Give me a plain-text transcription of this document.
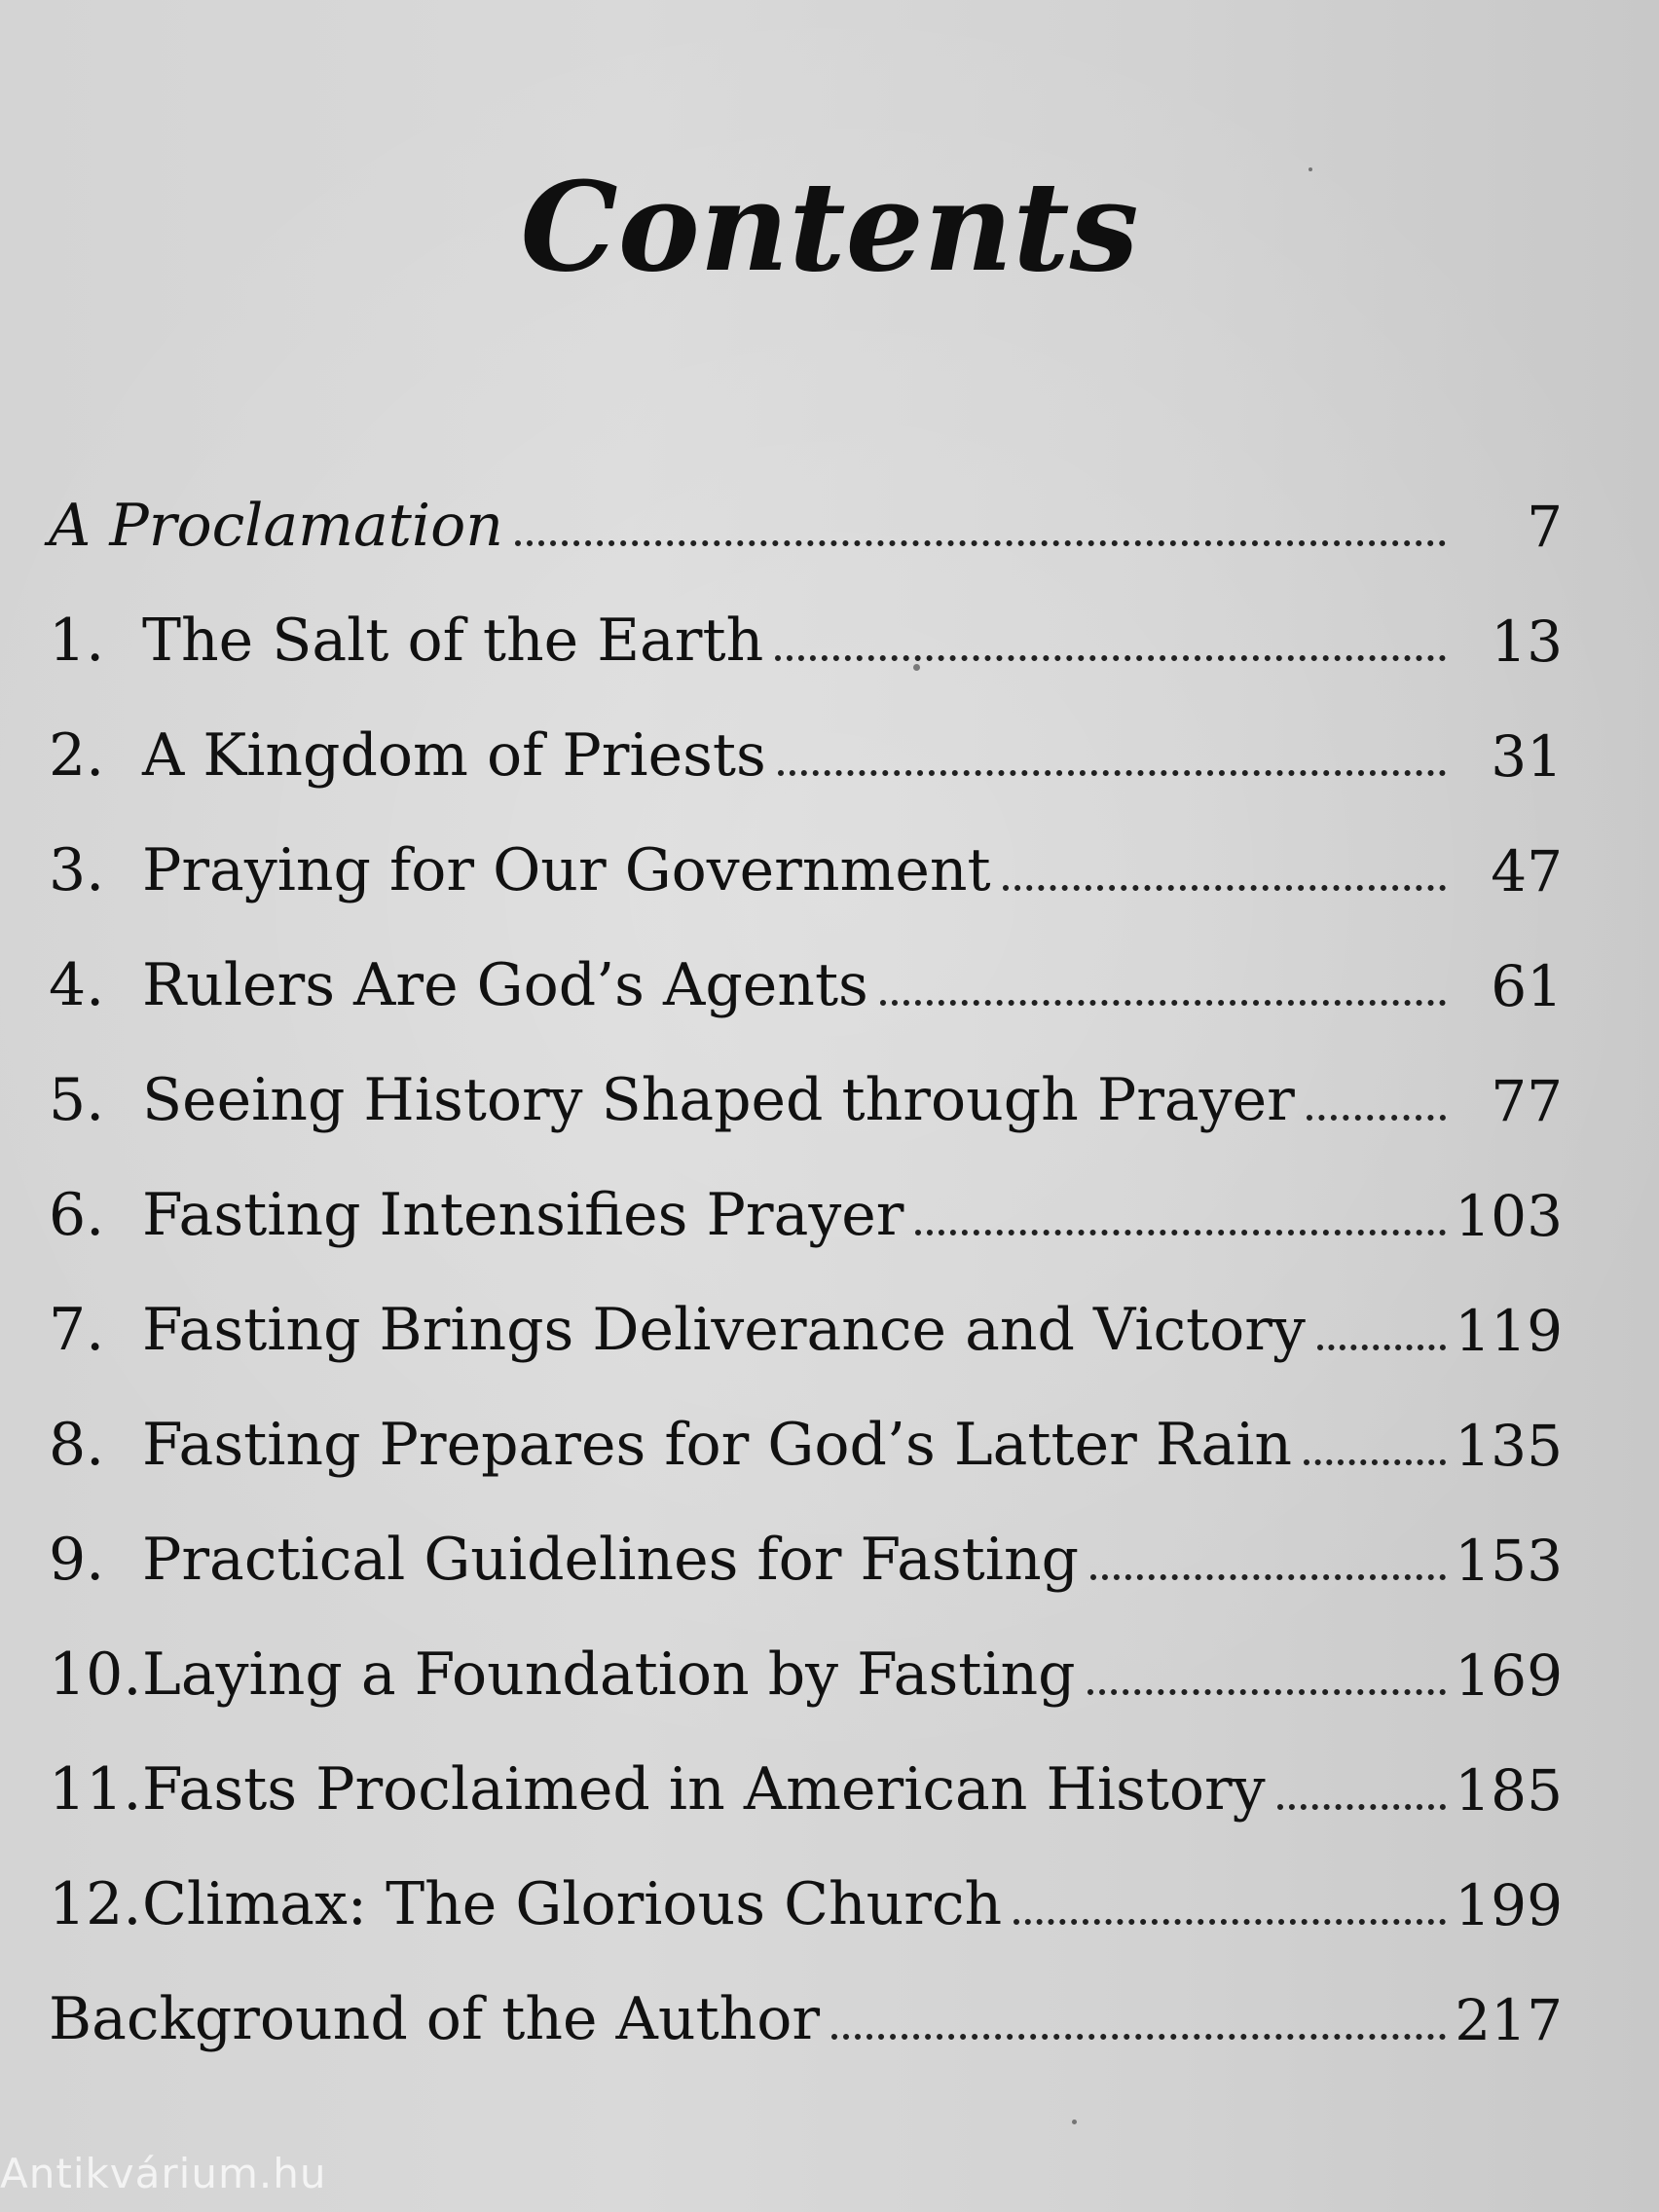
Contents
A Proclamation	7
1. The Salt of the Earth	13
2. A Kingdom of Priests	31
3. Praying for Our Government	47
4. Rulers Are God’s Agents	61
5. Seeing History Shaped through Prayer	77
6. Fasting Intensifies Prayer	103
7. Fasting Brings Deliverance and Victory	119
8. Fasting Prepares for God’s Latter Rain	135
9. Practical Guidelines for Fasting	153
10. Laying a Foundation by Fasting	169
11. Fasts Proclaimed in American History	185
12. Climax: The Glorious Church	199
Background of the Author	217
Antikvárium.hu
